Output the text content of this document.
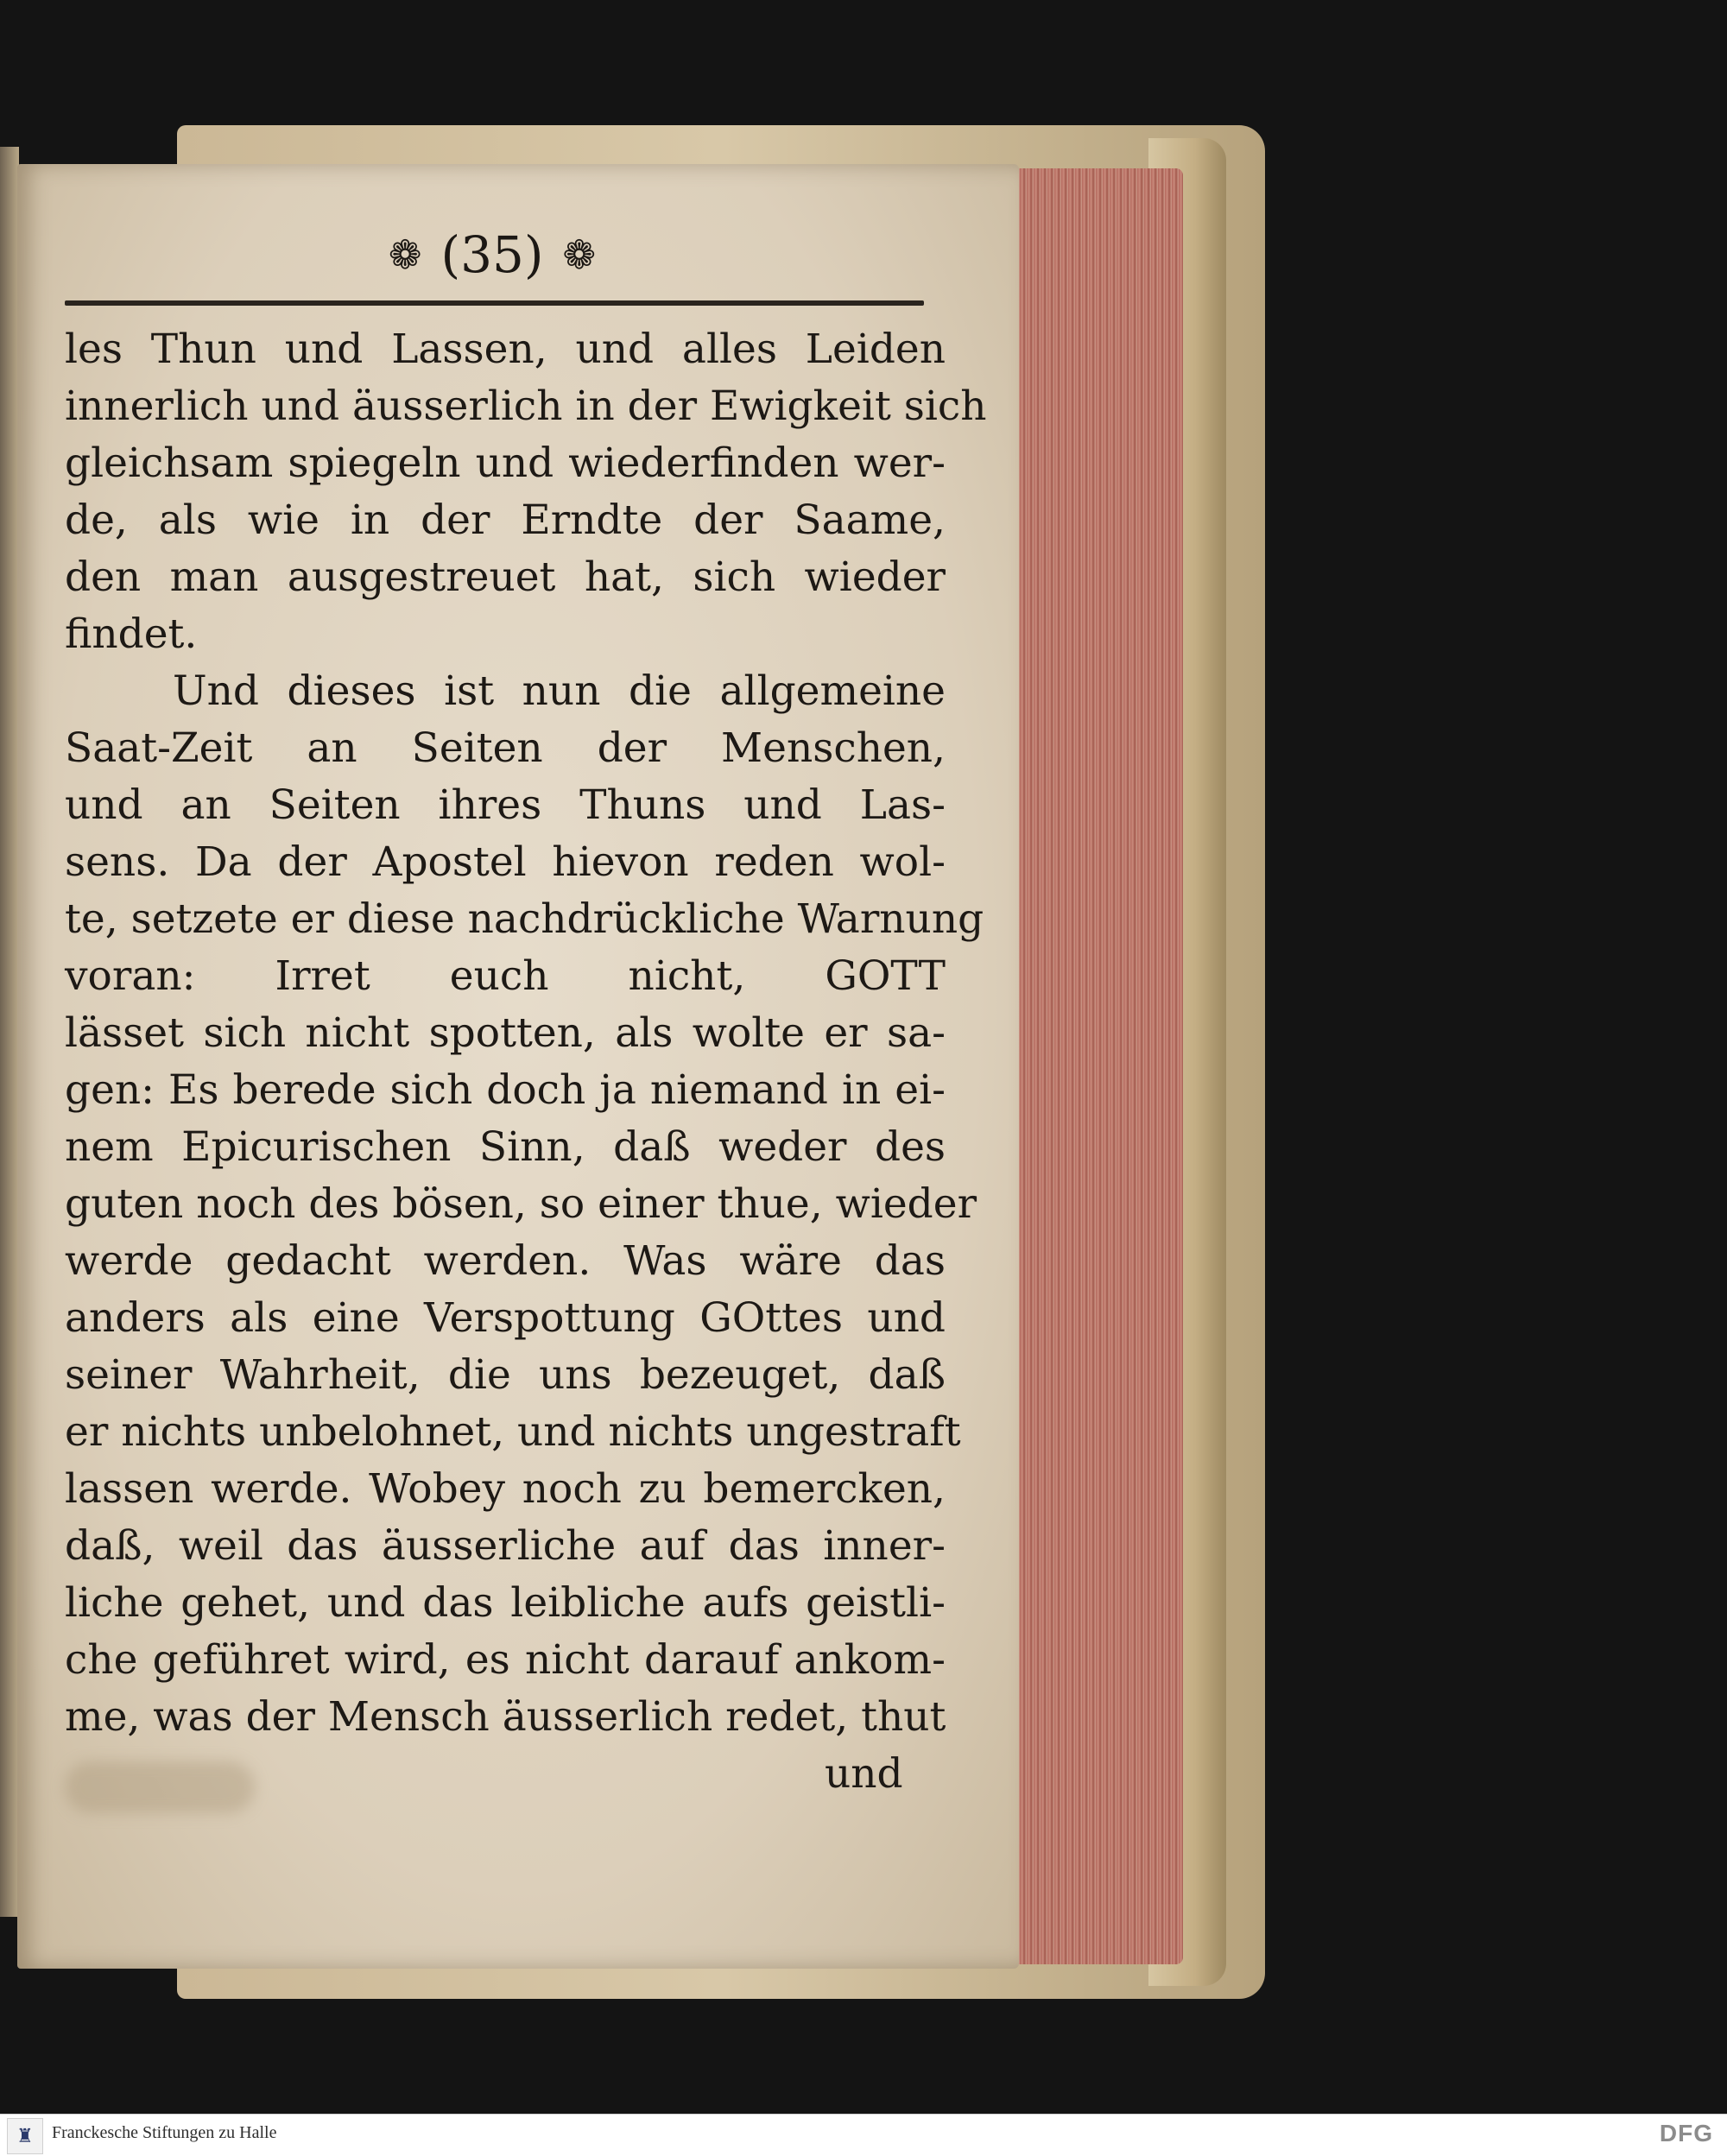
❁ (35) ❁
les Thun und Lassen, und alles Leiden
innerlich und äusserlich in der Ewigkeit sich
gleichsam spiegeln und wiederfinden wer-
de, als wie in der Erndte der Saame,
den man ausgestreuet hat, sich wieder
findet.
Und dieses ist nun die allgemeine
Saat-Zeit an Seiten der Menschen,
und an Seiten ihres Thuns und Las-
sens. Da der Apostel hievon reden wol-
te, setzete er diese nachdrückliche Warnung
voran: Irret euch nicht, GOTT
lässet sich nicht spotten, als wolte er sa-
gen: Es berede sich doch ja niemand in ei-
nem Epicurischen Sinn, daß weder des
guten noch des bösen, so einer thue, wieder
werde gedacht werden. Was wäre das
anders als eine Verspottung GOttes und
seiner Wahrheit, die uns bezeuget, daß
er nichts unbelohnet, und nichts ungestraft
lassen werde. Wobey noch zu bemercken,
daß, weil das äusserliche auf das inner-
liche gehet, und das leibliche aufs geistli-
che geführet wird, es nicht darauf ankom-
me, was der Mensch äusserlich redet, thut
und
♜ Franckesche Stiftungen zu Halle	DFG
